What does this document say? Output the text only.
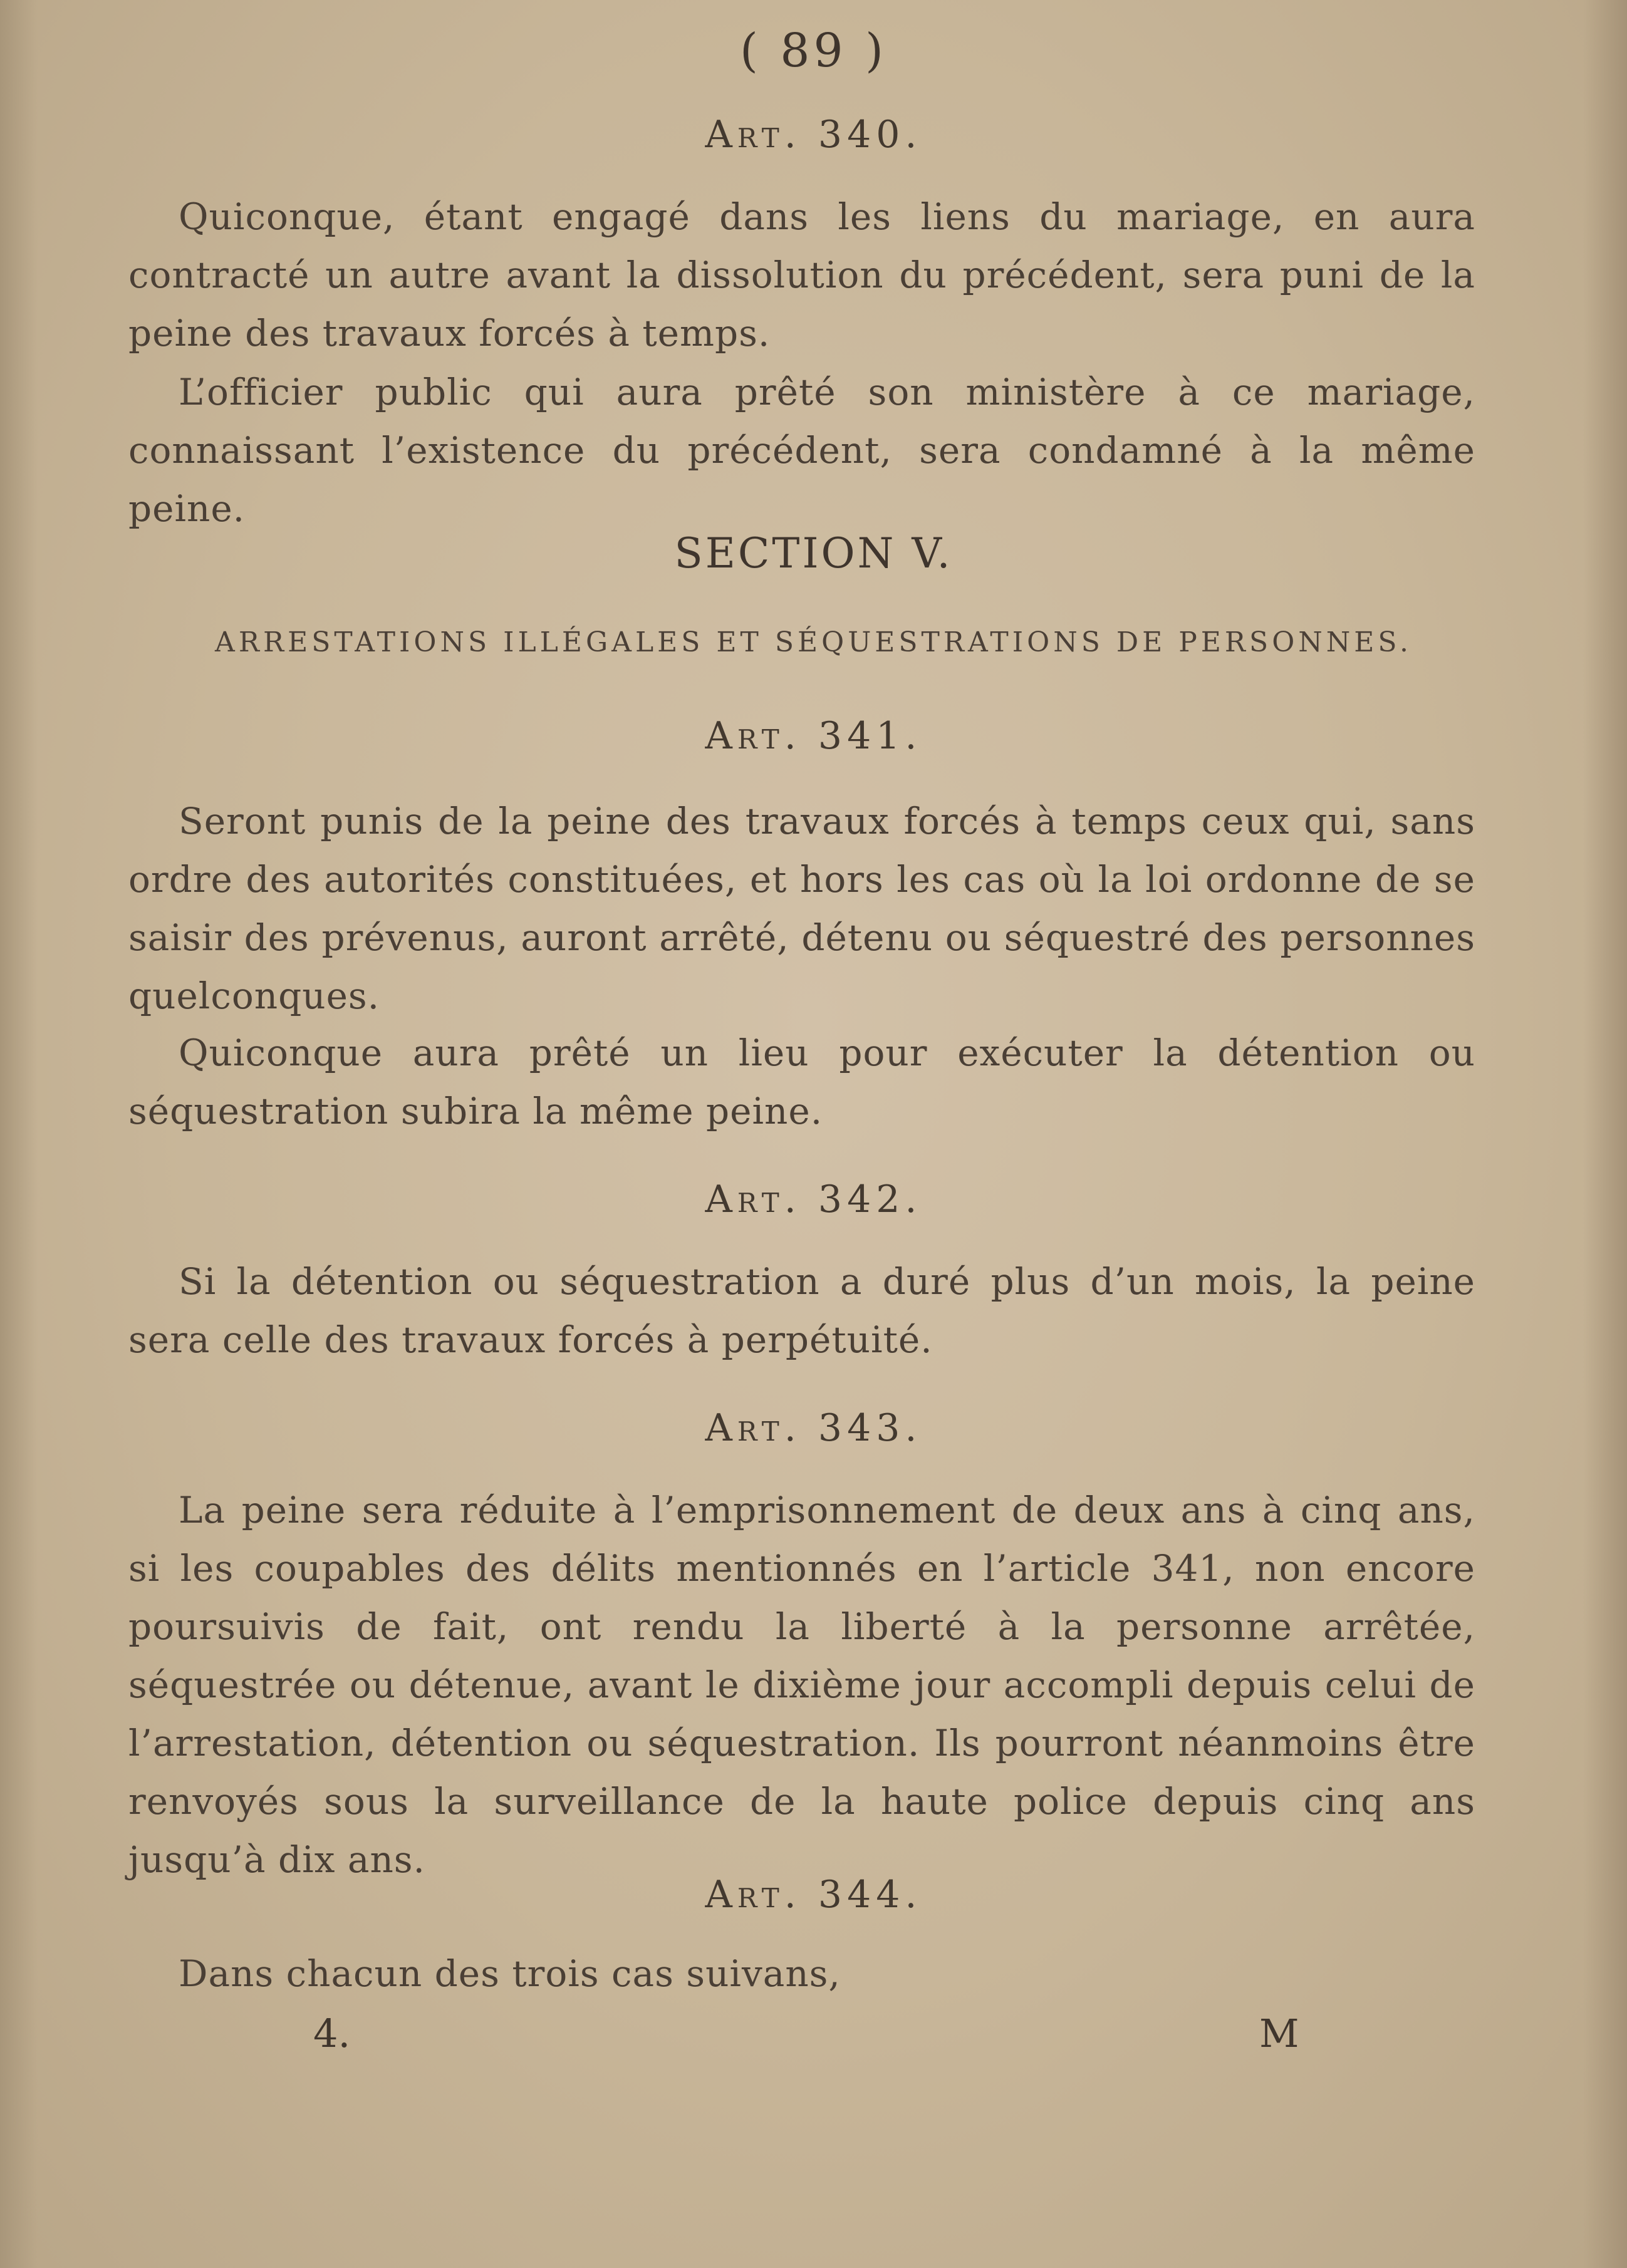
( 89 )
Art. 340.
Quiconque, étant engagé dans les liens du mariage, en aura contracté un autre avant la dissolution du précédent, sera puni de la peine des travaux forcés à temps.
L’officier public qui aura prêté son ministère à ce mariage, connaissant l’existence du précédent, sera condamné à la même peine.
SECTION V.
ARRESTATIONS ILLÉGALES ET SÉQUESTRATIONS DE PERSONNES.
Art. 341.
Seront punis de la peine des travaux forcés à temps ceux qui, sans ordre des autorités constituées, et hors les cas où la loi ordonne de se saisir des prévenus, auront arrêté, détenu ou séquestré des personnes quelconques.
Quiconque aura prêté un lieu pour exécuter la détention ou séquestration subira la même peine.
Art. 342.
Si la détention ou séquestration a duré plus d’un mois, la peine sera celle des travaux forcés à perpétuité.
Art. 343.
La peine sera réduite à l’emprisonnement de deux ans à cinq ans, si les coupables des délits mentionnés en l’article 341, non encore poursuivis de fait, ont rendu la liberté à la personne arrêtée, séquestrée ou détenue, avant le dixième jour accompli depuis celui de l’arrestation, détention ou séquestration. Ils pourront néanmoins être renvoyés sous la surveillance de la haute police depuis cinq ans jusqu’à dix ans.
Art. 344.
Dans chacun des trois cas suivans,
4.	M
